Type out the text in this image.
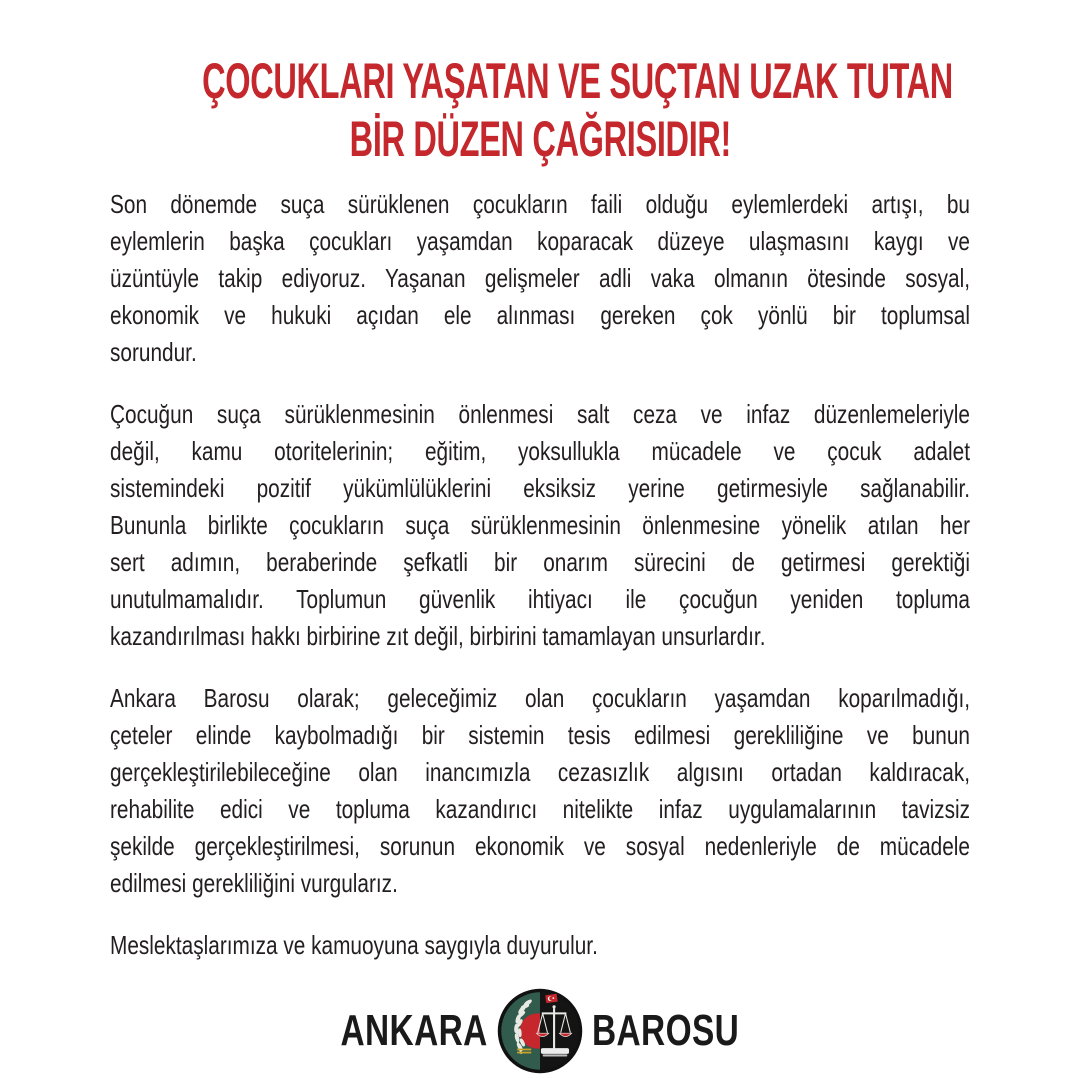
ÇOCUKLARI YAŞATAN VE SUÇTAN UZAK TUTAN
BİR DÜZEN ÇAĞRISIDIR!
Son dönemde suça sürüklenen çocukların faili olduğu eylemlerdeki artışı, bu
eylemlerin başka çocukları yaşamdan koparacak düzeye ulaşmasını kaygı ve
üzüntüyle takip ediyoruz. Yaşanan gelişmeler adli vaka olmanın ötesinde sosyal,
ekonomik ve hukuki açıdan ele alınması gereken çok yönlü bir toplumsal
sorundur.
Çocuğun suça sürüklenmesinin önlenmesi salt ceza ve infaz düzenlemeleriyle
değil, kamu otoritelerinin; eğitim, yoksullukla mücadele ve çocuk adalet
sistemindeki pozitif yükümlülüklerini eksiksiz yerine getirmesiyle sağlanabilir.
Bununla birlikte çocukların suça sürüklenmesinin önlenmesine yönelik atılan her
sert adımın, beraberinde şefkatli bir onarım sürecini de getirmesi gerektiği
unutulmamalıdır. Toplumun güvenlik ihtiyacı ile çocuğun yeniden topluma
kazandırılması hakkı birbirine zıt değil, birbirini tamamlayan unsurlardır.
Ankara Barosu olarak; geleceğimiz olan çocukların yaşamdan koparılmadığı,
çeteler elinde kaybolmadığı bir sistemin tesis edilmesi gerekliliğine ve bunun
gerçekleştirilebileceğine olan inancımızla cezasızlık algısını ortadan kaldıracak,
rehabilite edici ve topluma kazandırıcı nitelikte infaz uygulamalarının tavizsiz
şekilde gerçekleştirilmesi, sorunun ekonomik ve sosyal nedenleriyle de mücadele
edilmesi gerekliliğini vurgularız.
Meslektaşlarımıza ve kamuoyuna saygıyla duyurulur.
ANKARA BAROSU
